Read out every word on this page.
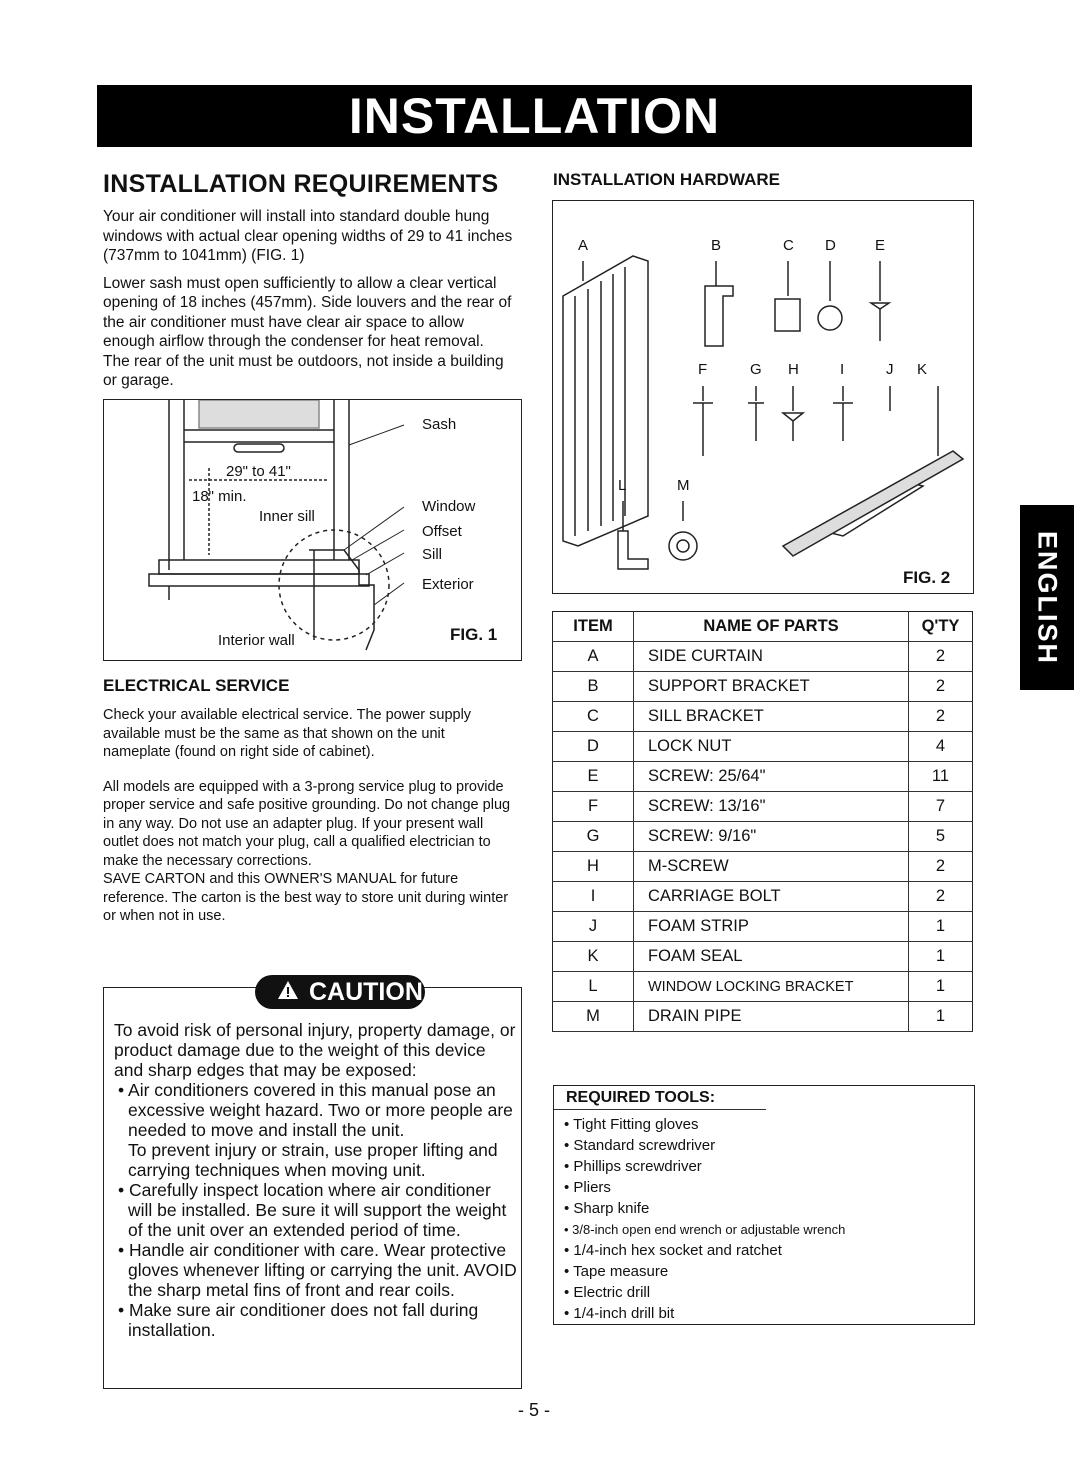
INSTALLATION
INSTALLATION REQUIREMENTS

Your air conditioner will install into standard double hung windows with actual clear opening widths of 29 to 41 inches (737mm to 1041mm) (FIG. 1)

Lower sash must open sufficiently to allow a clear vertical opening of 18 inches (457mm). Side louvers and the rear of the air conditioner must have clear air space to allow enough airflow through the condenser for heat removal. The rear of the unit must be outdoors, not inside a building or garage.

Sash
29" to 41"
18" min.
Inner sill
Window
Offset
Sill
Exterior
Interior wall	FIG. 1
ELECTRICAL SERVICE

Check your available electrical service. The power supply available must be the same as that shown on the unit nameplate (found on right side of cabinet).

All models are equipped with a 3-prong service plug to provide proper service and safe positive grounding. Do not change plug in any way. Do not use an adapter plug. If your present wall outlet does not match your plug, call a qualified electrician to make the necessary corrections.

SAVE CARTON and this OWNER'S MANUAL for future reference. The carton is the best way to store unit during winter or when not in use.

CAUTION

To avoid risk of personal injury, property damage, or product damage due to the weight of this device and sharp edges that may be exposed:

• Air conditioners covered in this manual pose an excessive weight hazard. Two or more people are needed to move and install the unit.
To prevent injury or strain, use proper lifting and carrying techniques when moving unit.
• Carefully inspect location where air conditioner will be installed. Be sure it will support the weight of the unit over an extended period of time.
• Handle air conditioner with care. Wear protective gloves whenever lifting or carrying the unit. AVOID the sharp metal fins of front and rear coils.
• Make sure air conditioner does not fall during installation.
INSTALLATION HARDWARE
A	B	C D	E
F	G H	I	J K
L	M
FIG. 2
ITEM	NAME OF PARTS	Q'TY
A	SIDE CURTAIN	2
B	SUPPORT BRACKET	2
C	SILL BRACKET	2
D	LOCK NUT	4
E	SCREW: 25/64"	11
F	SCREW: 13/16"	7
G	SCREW: 9/16"	5
H	M-SCREW	2
I	CARRIAGE BOLT	2
J	FOAM STRIP	1
K	FOAM SEAL	1
L	WINDOW LOCKING BRACKET	1
M	DRAIN PIPE	1
REQUIRED TOOLS:
• Tight Fitting gloves
• Standard screwdriver
• Phillips screwdriver
• Pliers
• Sharp knife
• 3/8-inch open end wrench or adjustable wrench
• 1/4-inch hex socket and ratchet
• Tape measure
• Electric drill
• 1/4-inch drill bit
ENGLISH
- 5 -
